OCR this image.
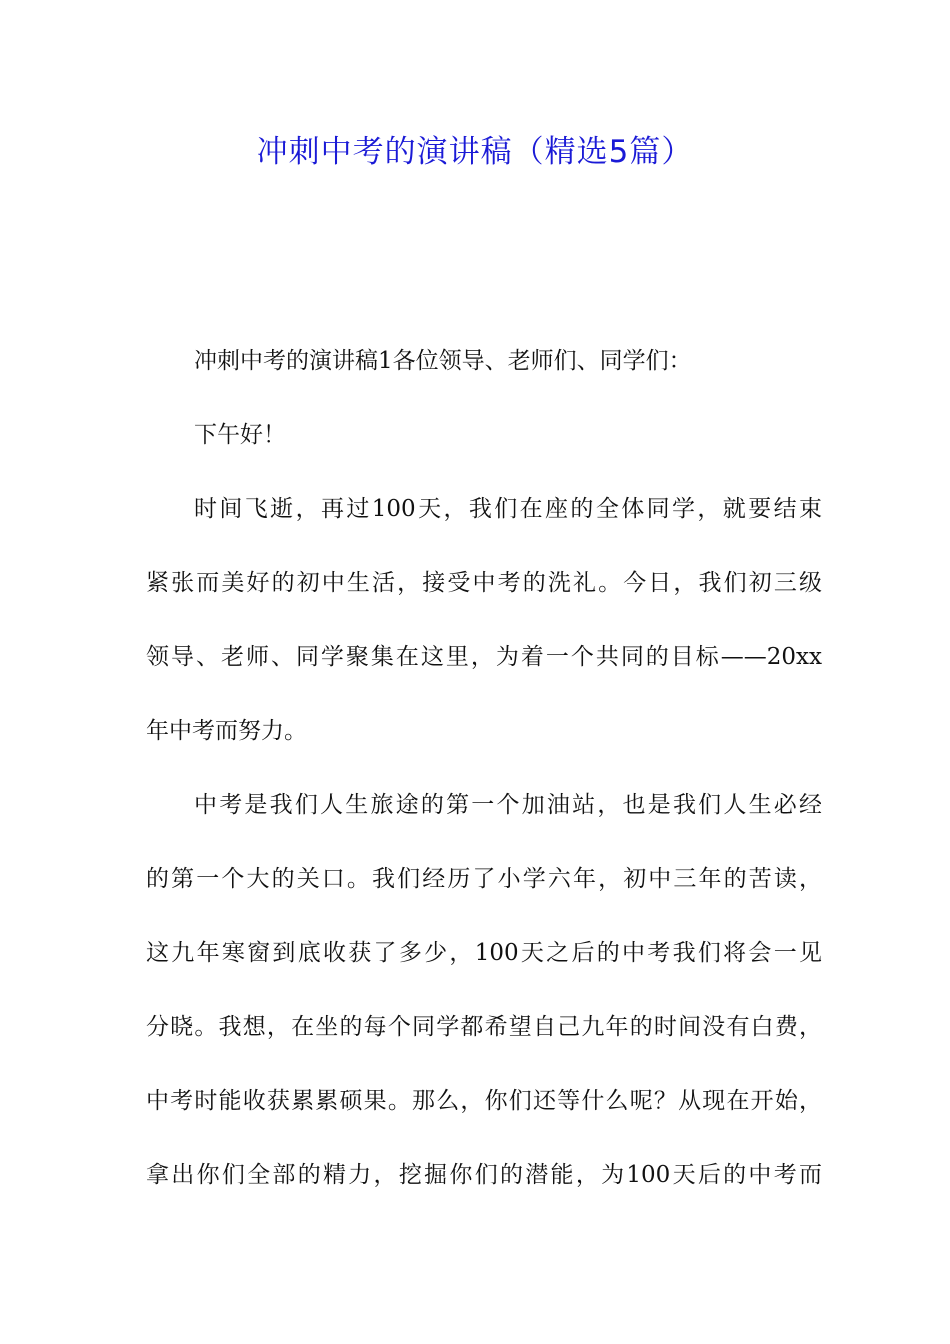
冲刺中考的演讲稿（精选5篇）
冲刺中考的演讲稿1各位领导、老师们、同学们：
下午好！
时间飞逝，再过100天，我们在座的全体同学，就要结束
紧张而美好的初中生活，接受中考的洗礼。今日，我们初三级
领导、老师、同学聚集在这里，为着一个共同的目标——20xx
年中考而努力。
中考是我们人生旅途的第一个加油站，也是我们人生必经
的第一个大的关口。我们经历了小学六年，初中三年的苦读，
这九年寒窗到底收获了多少，100天之后的中考我们将会一见
分晓。我想，在坐的每个同学都希望自己九年的时间没有白费，
中考时能收获累累硕果。那么，你们还等什么呢？从现在开始，
拿出你们全部的精力，挖掘你们的潜能，为100天后的中考而
